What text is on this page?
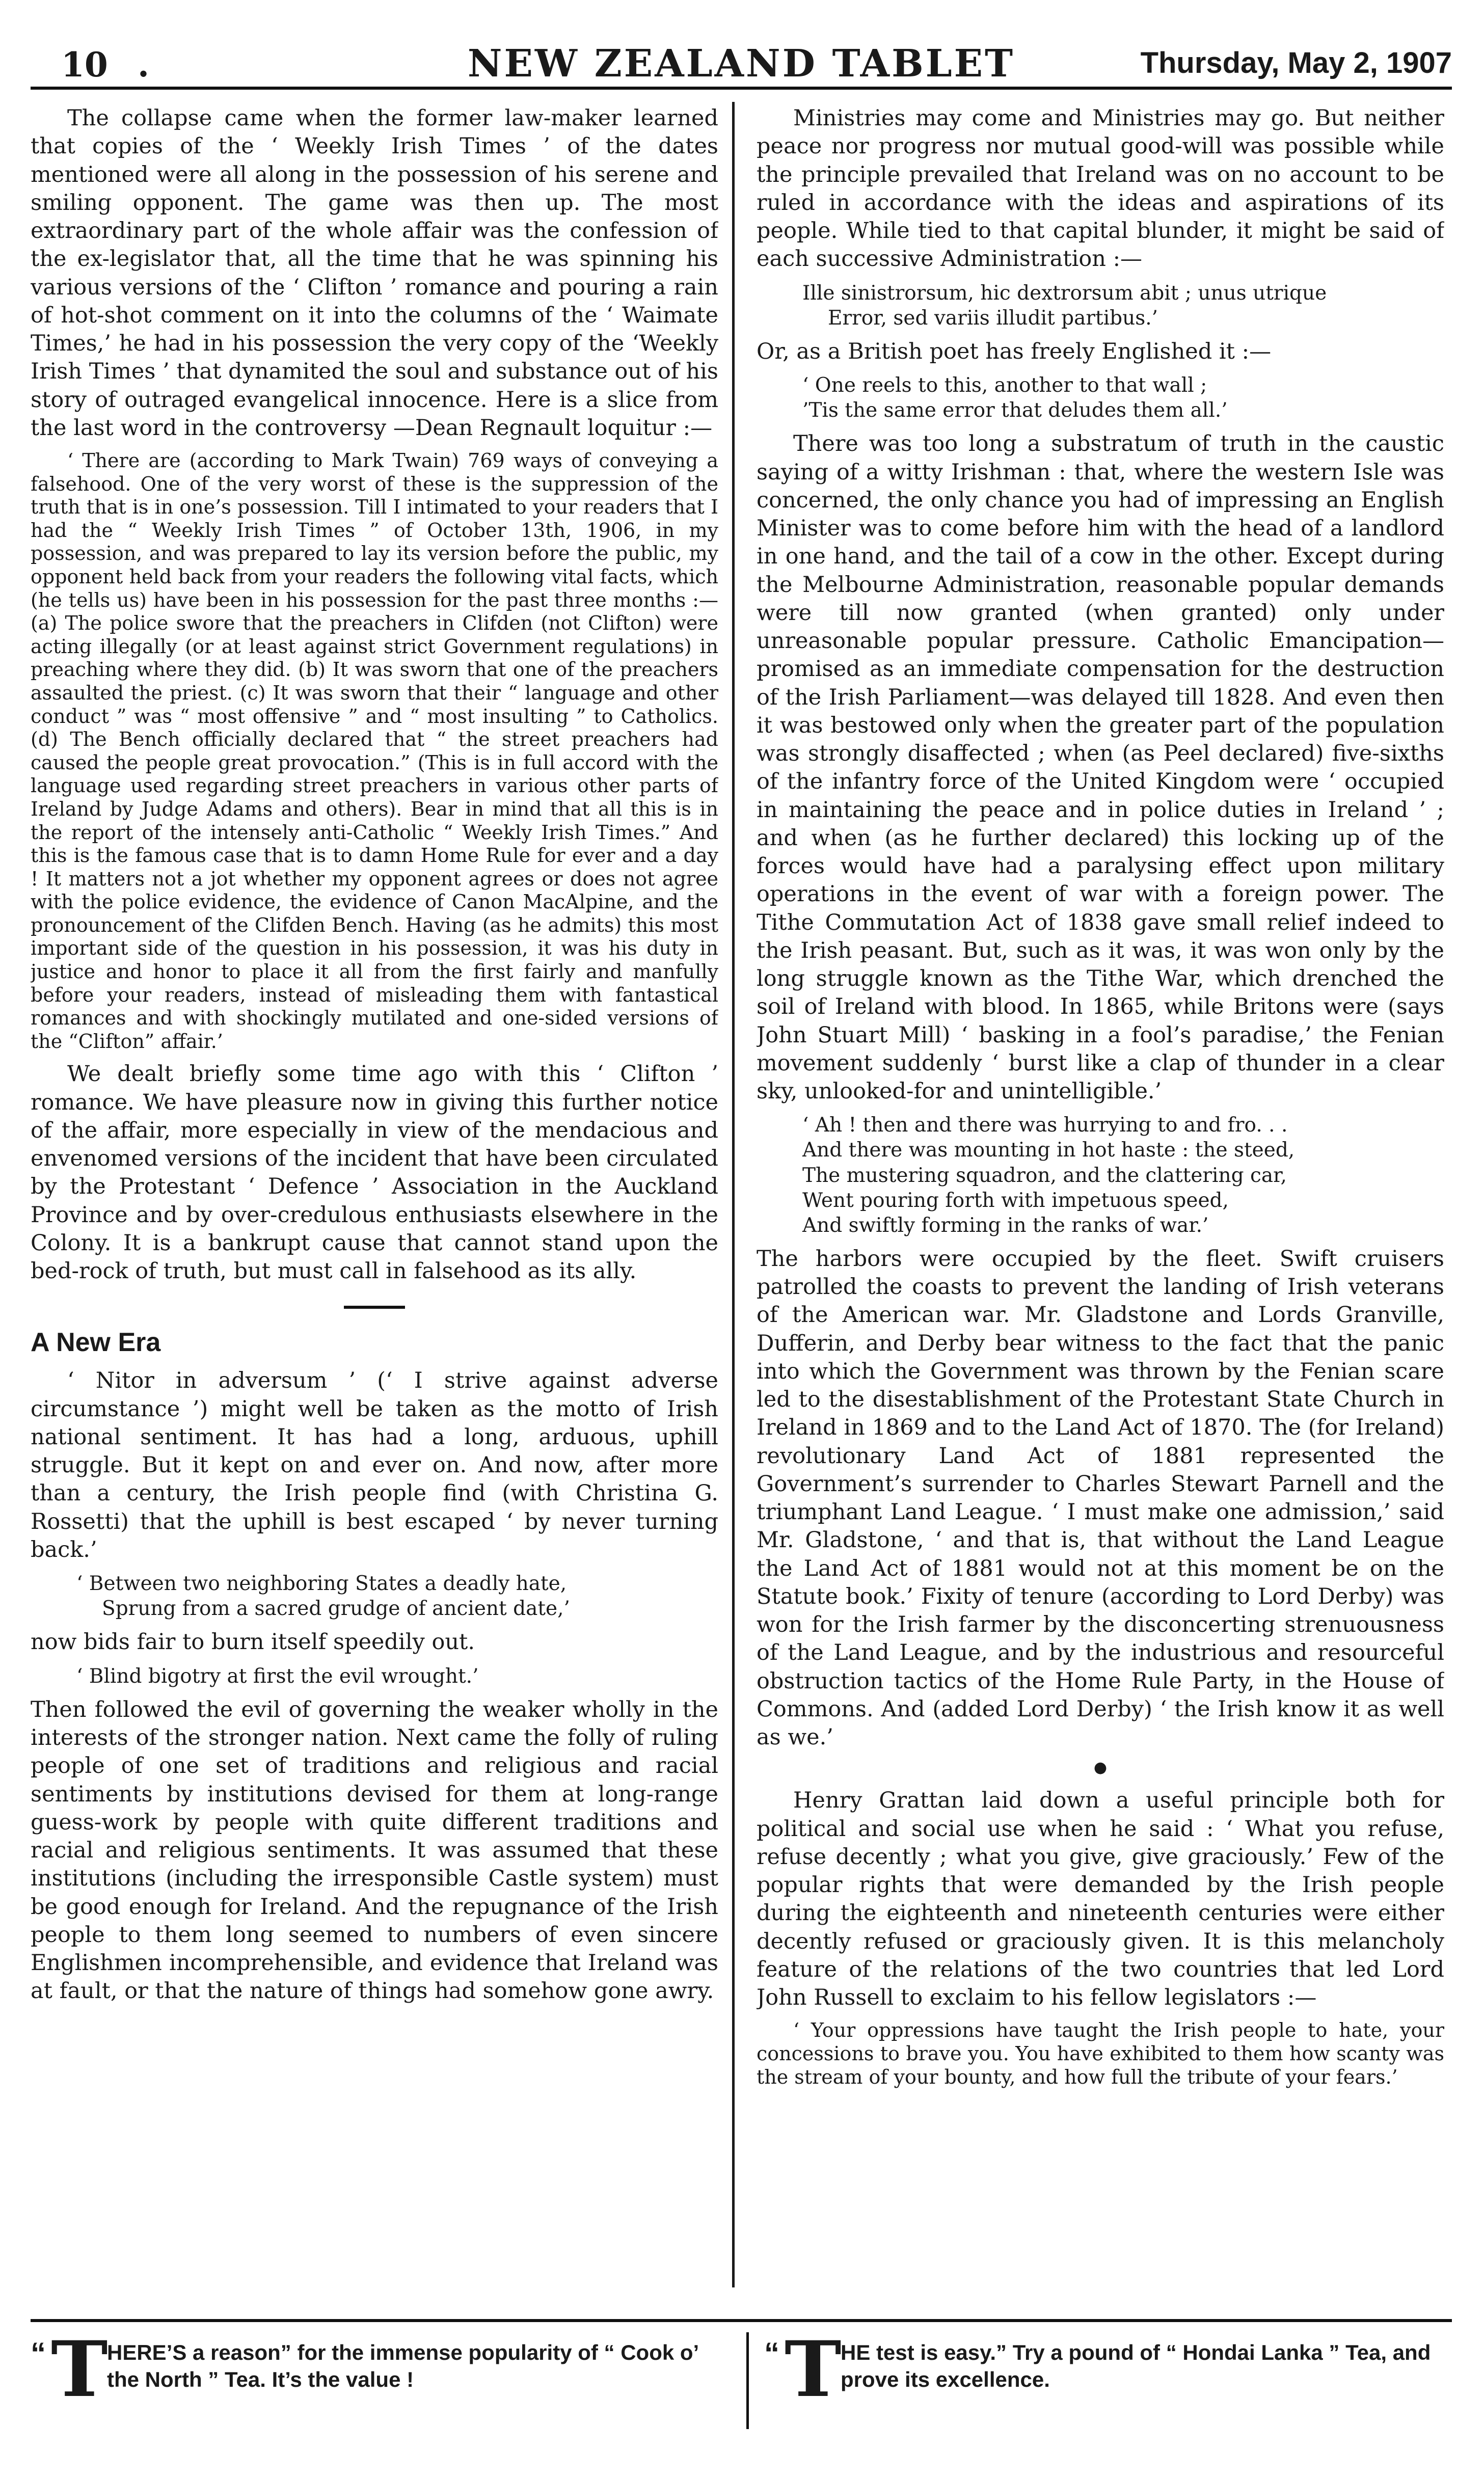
10 .	NEW ZEALAND TABLET	Thursday, May 2, 1907

The collapse came when the former law-maker learned that copies of the ‘ Weekly Irish Times ’ of the dates mentioned were all along in the possession of his serene and smiling opponent. The game was then up. The most extraordinary part of the whole affair was the confession of the ex-legislator that, all the time that he was spinning his various versions of the ‘ Clifton ’ romance and pouring a rain of hot-shot comment on it into the columns of the ‘ Waimate Times,’ he had in his possession the very copy of the ‘Weekly Irish Times ’ that dynamited the soul and substance out of his story of outraged evangelical innocence. Here is a slice from the last word in the controversy —Dean Regnault loquitur :—

‘ There are (according to Mark Twain) 769 ways of conveying a falsehood. One of the very worst of these is the suppression of the truth that is in one’s possession. Till I intimated to your readers that I had the “ Weekly Irish Times ” of October 13th, 1906, in my possession, and was prepared to lay its version before the public, my opponent held back from your readers the following vital facts, which (he tells us) have been in his possession for the past three months :—(a) The police swore that the preachers in Clifden (not Clifton) were acting illegally (or at least against strict Government regulations) in preaching where they did. (b) It was sworn that one of the preachers assaulted the priest. (c) It was sworn that their “ language and other conduct ” was “ most offensive ” and “ most insulting ” to Catholics. (d) The Bench officially declared that “ the street preachers had caused the people great provocation.” (This is in full accord with the language used regarding street preachers in various other parts of Ireland by Judge Adams and others). Bear in mind that all this is in the report of the intensely anti-Catholic “ Weekly Irish Times.” And this is the famous case that is to damn Home Rule for ever and a day ! It matters not a jot whether my opponent agrees or does not agree with the police evidence, the evidence of Canon MacAlpine, and the pronouncement of the Clifden Bench. Having (as he admits) this most important side of the question in his possession, it was his duty in justice and honor to place it all from the first fairly and manfully before your readers, instead of misleading them with fantastical romances and with shockingly mutilated and one-sided versions of the “Clifton” affair.’

We dealt briefly some time ago with this ‘ Clifton ’ romance. We have pleasure now in giving this further notice of the affair, more especially in view of the mendacious and envenomed versions of the incident that have been circulated by the Protestant ‘ Defence ’ Association in the Auckland Province and by over-credulous enthusiasts elsewhere in the Colony. It is a bankrupt cause that cannot stand upon the bed-rock of truth, but must call in falsehood as its ally.

A New Era

‘ Nitor in adversum ’ (‘ I strive against adverse circumstance ’) might well be taken as the motto of Irish national sentiment. It has had a long, arduous, uphill struggle. But it kept on and ever on. And now, after more than a century, the Irish people find (with Christina G. Rossetti) that the uphill is best escaped ‘ by never turning back.’

‘ Between two neighboring States a deadly hate,
Sprung from a sacred grudge of ancient date,’

now bids fair to burn itself speedily out.

‘ Blind bigotry at first the evil wrought.’

Then followed the evil of governing the weaker wholly in the interests of the stronger nation. Next came the folly of ruling people of one set of traditions and religious and racial sentiments by institutions devised for them at long-range guess-work by people with quite different traditions and racial and religious sentiments. It was assumed that these institutions (including the irresponsible Castle system) must be good enough for Ireland. And the repugnance of the Irish people to them long seemed to numbers of even sincere Englishmen incomprehensible, and evidence that Ireland was at fault, or that the nature of things had somehow gone awry.

Ministries may come and Ministries may go. But neither peace nor progress nor mutual good-will was possible while the principle prevailed that Ireland was on no account to be ruled in accordance with the ideas and aspirations of its people. While tied to that capital blunder, it might be said of each successive Administration :—

Ille sinistrorsum, hic dextrorsum abit ; unus utrique
Error, sed variis illudit partibus.’

Or, as a British poet has freely Englished it :—

‘ One reels to this, another to that wall ;
’Tis the same error that deludes them all.’

There was too long a substratum of truth in the caustic saying of a witty Irishman : that, where the western Isle was concerned, the only chance you had of impressing an English Minister was to come before him with the head of a landlord in one hand, and the tail of a cow in the other. Except during the Melbourne Administration, reasonable popular demands were till now granted (when granted) only under unreasonable popular pressure. Catholic Emancipation—promised as an immediate compensation for the destruction of the Irish Parliament—was delayed till 1828. And even then it was bestowed only when the greater part of the population was strongly disaffected ; when (as Peel declared) five-sixths of the infantry force of the United Kingdom were ‘ occupied in maintaining the peace and in police duties in Ireland ’ ; and when (as he further declared) this locking up of the forces would have had a paralysing effect upon military operations in the event of war with a foreign power. The Tithe Commutation Act of 1838 gave small relief indeed to the Irish peasant. But, such as it was, it was won only by the long struggle known as the Tithe War, which drenched the soil of Ireland with blood. In 1865, while Britons were (says John Stuart Mill) ‘ basking in a fool’s paradise,’ the Fenian movement suddenly ‘ burst like a clap of thunder in a clear sky, unlooked-for and unintelligible.’

‘ Ah ! then and there was hurrying to and fro. . .
And there was mounting in hot haste : the steed,
The mustering squadron, and the clattering car,
Went pouring forth with impetuous speed,
And swiftly forming in the ranks of war.’

The harbors were occupied by the fleet. Swift cruisers patrolled the coasts to prevent the landing of Irish veterans of the American war. Mr. Gladstone and Lords Granville, Dufferin, and Derby bear witness to the fact that the panic into which the Government was thrown by the Fenian scare led to the disestablishment of the Protestant State Church in Ireland in 1869 and to the Land Act of 1870. The (for Ireland) revolutionary Land Act of 1881 represented the Government’s surrender to Charles Stewart Parnell and the triumphant Land League. ‘ I must make one admission,’ said Mr. Gladstone, ‘ and that is, that without the Land League the Land Act of 1881 would not at this moment be on the Statute book.’ Fixity of tenure (according to Lord Derby) was won for the Irish farmer by the disconcerting strenuousness of the Land League, and by the industrious and resourceful obstruction tactics of the Home Rule Party, in the House of Commons. And (added Lord Derby) ‘ the Irish know it as well as we.’

●

Henry Grattan laid down a useful principle both for political and social use when he said : ‘ What you refuse, refuse decently ; what you give, give graciously.’ Few of the popular rights that were demanded by the Irish people during the eighteenth and nineteenth centuries were either decently refused or graciously given. It is this melancholy feature of the relations of the two countries that led Lord John Russell to exclaim to his fellow legislators :—

‘ Your oppressions have taught the Irish people to hate, your concessions to brave you. You have exhibited to them how scanty was the stream of your bounty, and how full the tribute of your fears.’

“ T
HERE’S a reason” for the immense popularity of “ Cook o’ the North ” Tea. It’s the value !
“ T
HE test is easy.” Try a pound of “ Hondai Lanka ” Tea, and prove its excellence.
